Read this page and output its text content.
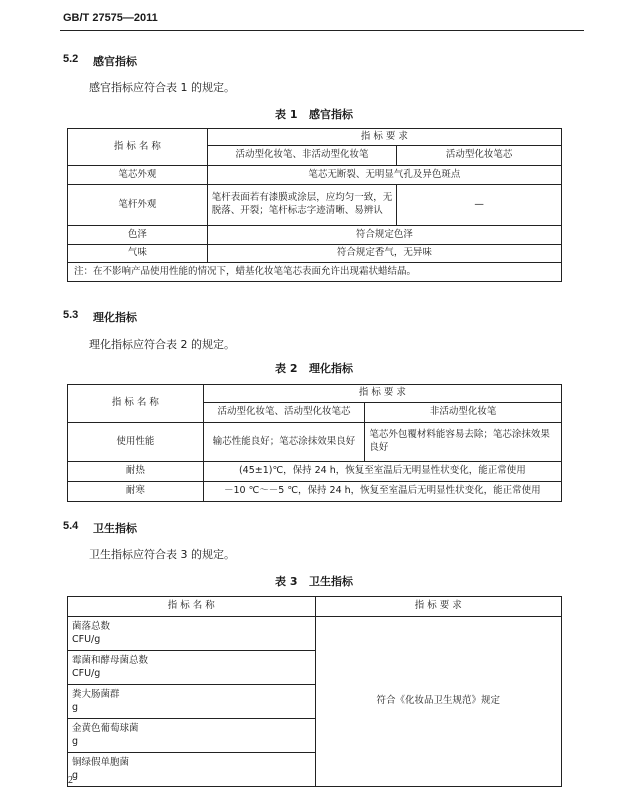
GB/T 27575—2011
5.2 感官指标
感官指标应符合表 1 的规定。
表 1   感官指标
指 标 名 称	指 标 要 求	
	活动型化妆笔、非活动型化妆笔	活动型化妆笔芯
笔芯外观	笔芯无断裂、无明显气孔及异色斑点	
笔杆外观	笔杆表面若有漆膜或涂层，应均匀一致，无脱落、开裂；笔杆标志字迹清晰、易辨认	—
色泽	符合规定色泽	
气味	符合规定香气，无异味	
注：在不影响产品使用性能的情况下，蜡基化妆笔笔芯表面允许出现霜状蜡结晶。		
5.3 理化指标
理化指标应符合表 2 的规定。
表 2   理化指标
指 标 名 称	指 标 要 求	
	活动型化妆笔、活动型化妆笔芯	非活动型化妆笔
使用性能	输芯性能良好；笔芯涂抹效果良好	笔芯外包覆材料能容易去除；笔芯涂抹效果良好
耐热	(45±1)℃，保持 24 h，恢复至室温后无明显性状变化，能正常使用	
耐寒	－10 ℃～－5 ℃，保持 24 h，恢复至室温后无明显性状变化，能正常使用	
5.4 卫生指标
卫生指标应符合表 3 的规定。
表 3   卫生指标
指 标 名 称	指 标 要 求

菌落总数
CFU/g	符合《化妆品卫生规范》规定

霉菌和酵母菌总数
CFU/g	

粪大肠菌群
g	

金黄色葡萄球菌
g	

铜绿假单胞菌
g	
2
